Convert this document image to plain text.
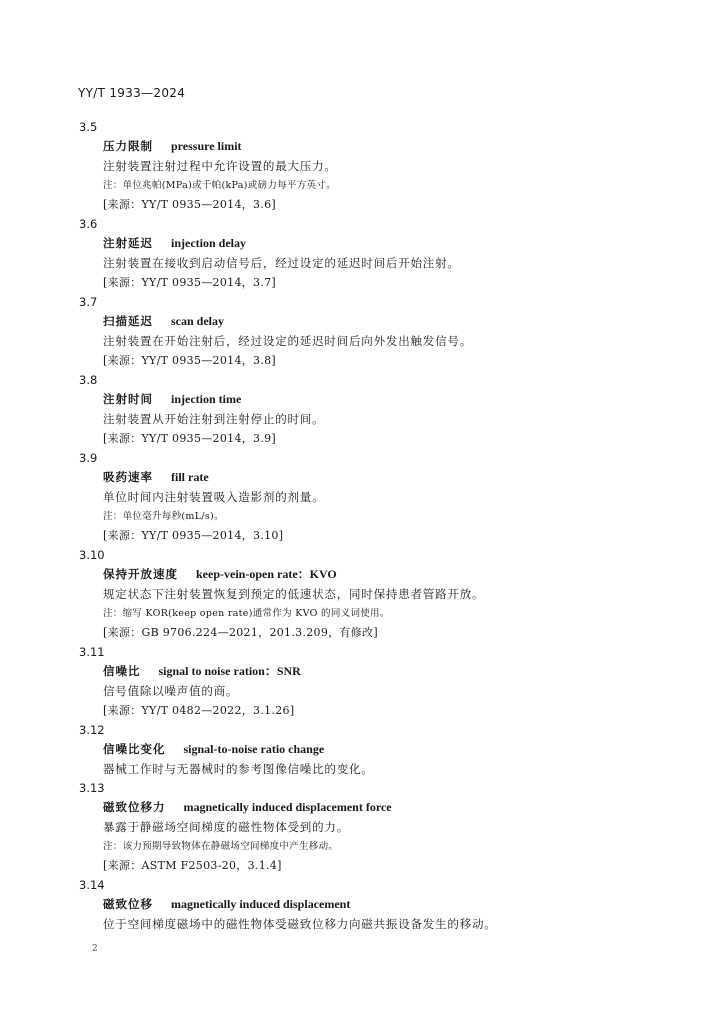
YY/T 1933—2024
3.5
压力限制 pressure limit
注射装置注射过程中允许设置的最大压力。
注：单位兆帕(MPa)或千帕(kPa)或磅力每平方英寸。
[来源：YY/T 0935—2014，3.6]
3.6
注射延迟 injection delay
注射装置在接收到启动信号后，经过设定的延迟时间后开始注射。
[来源：YY/T 0935—2014，3.7]
3.7
扫描延迟 scan delay
注射装置在开始注射后，经过设定的延迟时间后向外发出触发信号。
[来源：YY/T 0935—2014，3.8]
3.8
注射时间 injection time
注射装置从开始注射到注射停止的时间。
[来源：YY/T 0935—2014，3.9]
3.9
吸药速率 fill rate
单位时间内注射装置吸入造影剂的剂量。
注：单位毫升每秒(mL/s)。
[来源：YY/T 0935—2014，3.10]
3.10
保持开放速度 keep-vein-open rate：KVO
规定状态下注射装置恢复到预定的低速状态，同时保持患者管路开放。
注：缩写 KOR(keep open rate)通常作为 KVO 的同义词使用。
[来源：GB 9706.224—2021，201.3.209，有修改]
3.11
信噪比 signal to noise ration：SNR
信号值除以噪声值的商。
[来源：YY/T 0482—2022，3.1.26]
3.12
信噪比变化 signal-to-noise ratio change
器械工作时与无器械时的参考图像信噪比的变化。
3.13
磁致位移力 magnetically induced displacement force
暴露于静磁场空间梯度的磁性物体受到的力。
注：该力预期导致物体在静磁场空间梯度中产生移动。
[来源：ASTM F2503-20，3.1.4]
3.14
磁致位移 magnetically induced displacement
位于空间梯度磁场中的磁性物体受磁致位移力向磁共振设备发生的移动。
2
